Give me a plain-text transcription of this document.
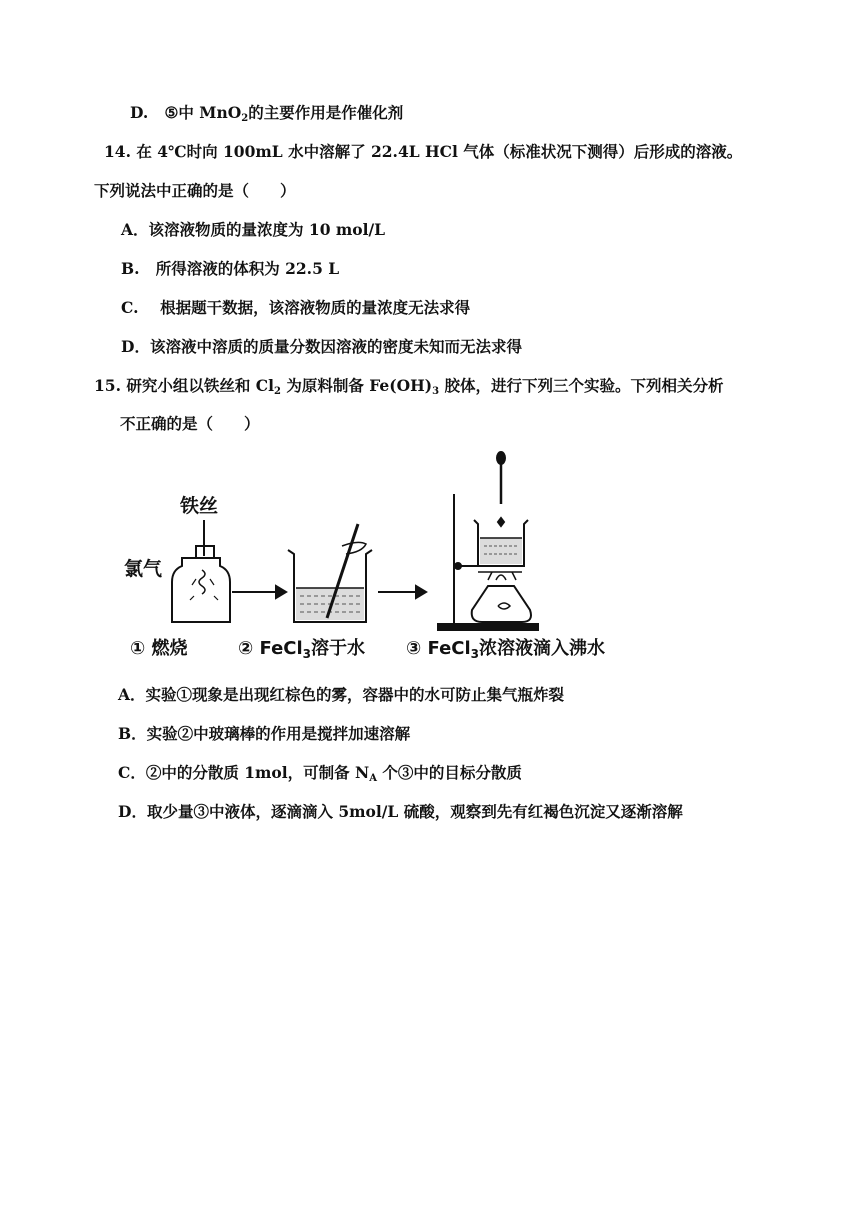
D. ⑤中 MnO$_2$的主要作用是作催化剂
14. 在 4℃时向 100mL 水中溶解了 22.4L HCl 气体（标准状况下测得）后形成的溶液。
下列说法中正确的是（　　）
A．该溶液物质的量浓度为 10 mol/L
B. 所得溶液的体积为 22.5 L
C. 根据题干数据，该溶液物质的量浓度无法求得
D．该溶液中溶质的质量分数因溶液的密度未知而无法求得
15. 研究小组以铁丝和 $Cl_2$ 为原料制备 $Fe(OH)_3$ 胶体，进行下列三个实验。下列相关分析
不正确的是（　　）
铁丝
氯气
① 燃烧	② FeCl$_3$溶于水 ③ FeCl$_3$浓溶液滴入沸水
A．实验①现象是出现红棕色的雾，容器中的水可防止集气瓶炸裂
B．实验②中玻璃棒的作用是搅拌加速溶解
C．②中的分散质 1mol，可制备 $N_A$ 个③中的目标分散质
D．取少量③中液体，逐滴滴入 5mol/L 硫酸，观察到先有红褐色沉淀又逐渐溶解
